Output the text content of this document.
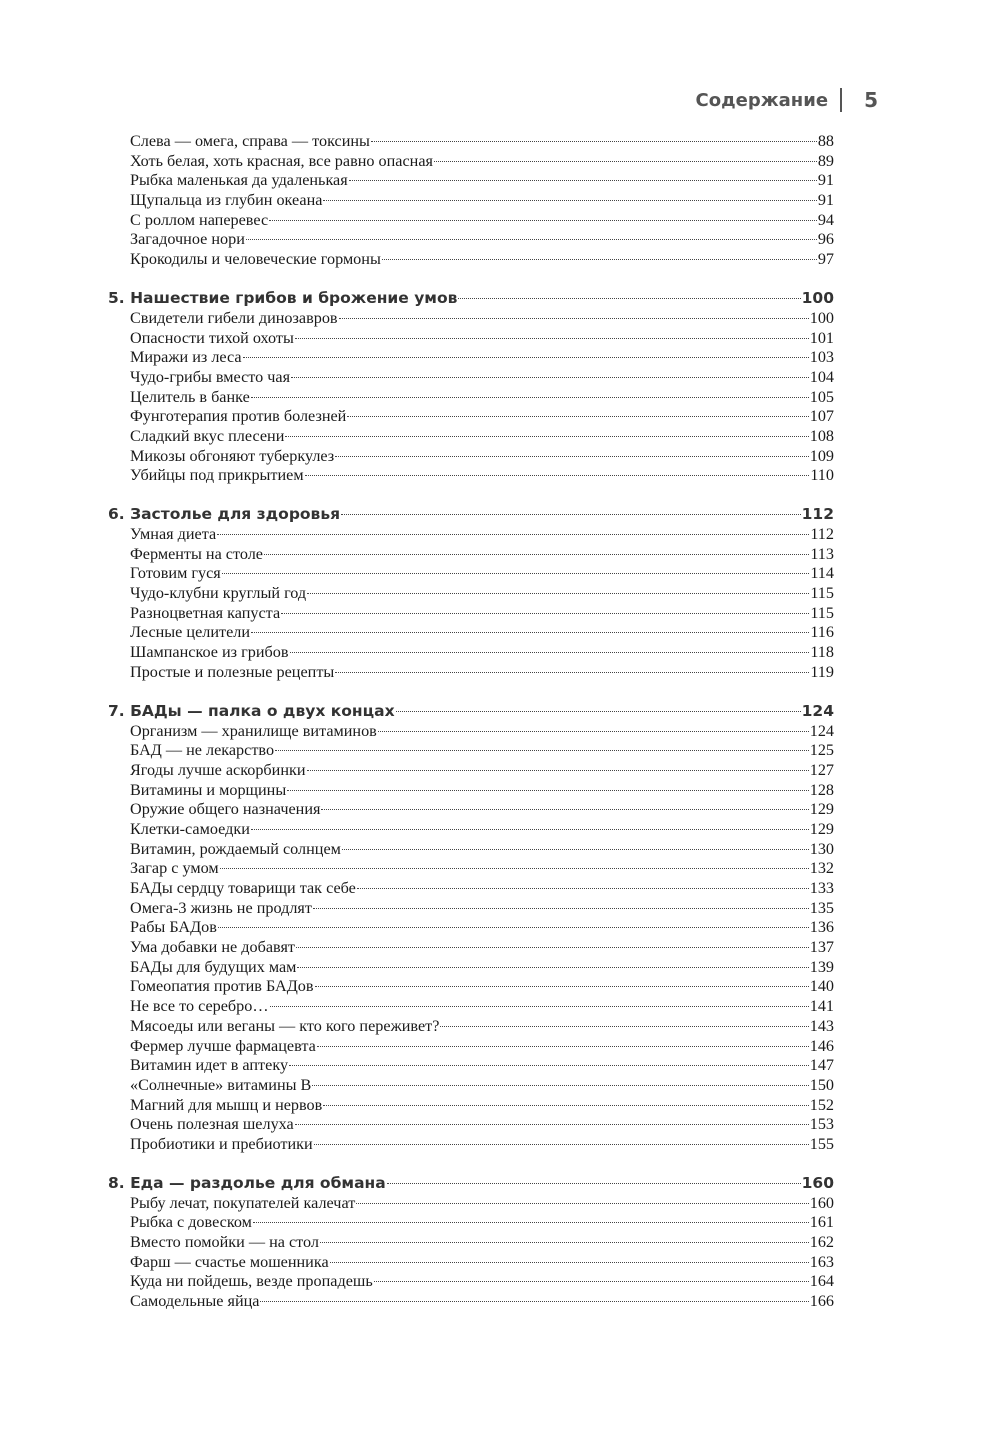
Содержание 5
Слева — омега, справа — токсины	88
Хоть белая, хоть красная, все равно опасная	89
Рыбка маленькая да удаленькая	91
Щупальца из глубин океана	91
С роллом наперевес	94
Загадочное нори	96
Крокодилы и человеческие гормоны	97
5. Нашествие грибов и брожение умов	100
Свидетели гибели динозавров	100
Опасности тихой охоты	101
Миражи из леса	103
Чудо-грибы вместо чая	104
Целитель в банке	105
Фунготерапия против болезней	107
Сладкий вкус плесени	108
Микозы обгоняют туберкулез	109
Убийцы под прикрытием	110
6. Застолье для здоровья	112
Умная диета	112
Ферменты на столе	113
Готовим гуся	114
Чудо-клубни круглый год	115
Разноцветная капуста	115
Лесные целители	116
Шампанское из грибов	118
Простые и полезные рецепты	119
7. БАДы — палка о двух концах	124
Организм — хранилище витаминов	124
БАД — не лекарство	125
Ягоды лучше аскорбинки	127
Витамины и морщины	128
Оружие общего назначения	129
Клетки-самоедки	129
Витамин, рождаемый солнцем	130
Загар с умом	132
БАДы сердцу товарищи так себе	133
Омега-3 жизнь не продлят	135
Рабы БАДов	136
Ума добавки не добавят	137
БАДы для будущих мам	139
Гомеопатия против БАДов	140
Не все то серебро…	141
Мясоеды или веганы — кто кого переживет?	143
Фермер лучше фармацевта	146
Витамин идет в аптеку	147
«Солнечные» витамины В	150
Магний для мышц и нервов	152
Очень полезная шелуха	153
Пробиотики и пребиотики	155
8. Еда — раздолье для обмана	160
Рыбу лечат, покупателей калечат	160
Рыбка с довеском	161
Вместо помойки — на стол	162
Фарш — счастье мошенника	163
Куда ни пойдешь, везде пропадешь	164
Самодельные яйца	166
